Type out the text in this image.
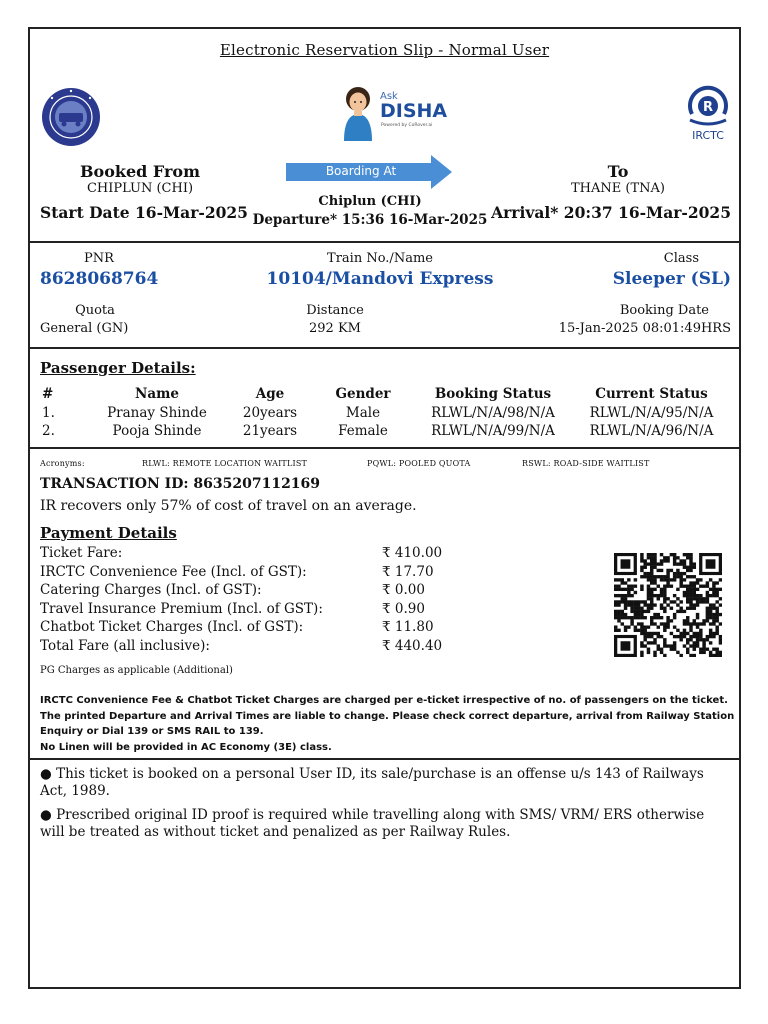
Electronic Reservation Slip - Normal User
Ask
DISHA
Powered by CoRover.ai
R
IRCTC
Booked From
CHIPLUN (CHI)
Start Date 16-Mar-2025
Boarding At
Chiplun (CHI)
Departure* 15:36 16-Mar-2025
To
THANE (TNA)
Arrival* 20:37 16-Mar-2025
PNR
8628068764
Train No./Name
10104/Mandovi Express
Class
Sleeper (SL)
Quota
General (GN)
Distance
292 KM
Booking Date
15-Jan-2025 08:01:49HRS
Passenger Details:
#	Name	Age	Gender	Booking Status	Current Status
1.	Pranay Shinde	20years	Male	RLWL/N/A/98/N/A	RLWL/N/A/95/N/A
2.	Pooja Shinde	21years	Female	RLWL/N/A/99/N/A	RLWL/N/A/96/N/A
Acronyms:	RLWL: REMOTE LOCATION WAITLIST	PQWL: POOLED QUOTA	RSWL: ROAD-SIDE WAITLIST
TRANSACTION ID: 8635207112169
IR recovers only 57% of cost of travel on an average.
Payment Details
Ticket Fare:	₹ 410.00
IRCTC Convenience Fee (Incl. of GST):	₹ 17.70
Catering Charges (Incl. of GST):	₹ 0.00
Travel Insurance Premium (Incl. of GST):	₹ 0.90
Chatbot Ticket Charges (Incl. of GST):	₹ 11.80
Total Fare (all inclusive):	₹ 440.40
PG Charges as applicable (Additional)
IRCTC Convenience Fee & Chatbot Ticket Charges are charged per e-ticket irrespective of no. of passengers on the ticket.
The printed Departure and Arrival Times are liable to change. Please check correct departure, arrival from Railway Station
Enquiry or Dial 139 or SMS RAIL to 139.
No Linen will be provided in AC Economy (3E) class.
● This ticket is booked on a personal User ID, its sale/purchase is an offense u/s 143 of Railways Act, 1989.
● Prescribed original ID proof is required while travelling along with SMS/ VRM/ ERS otherwise will be treated as without ticket and penalized as per Railway Rules.
